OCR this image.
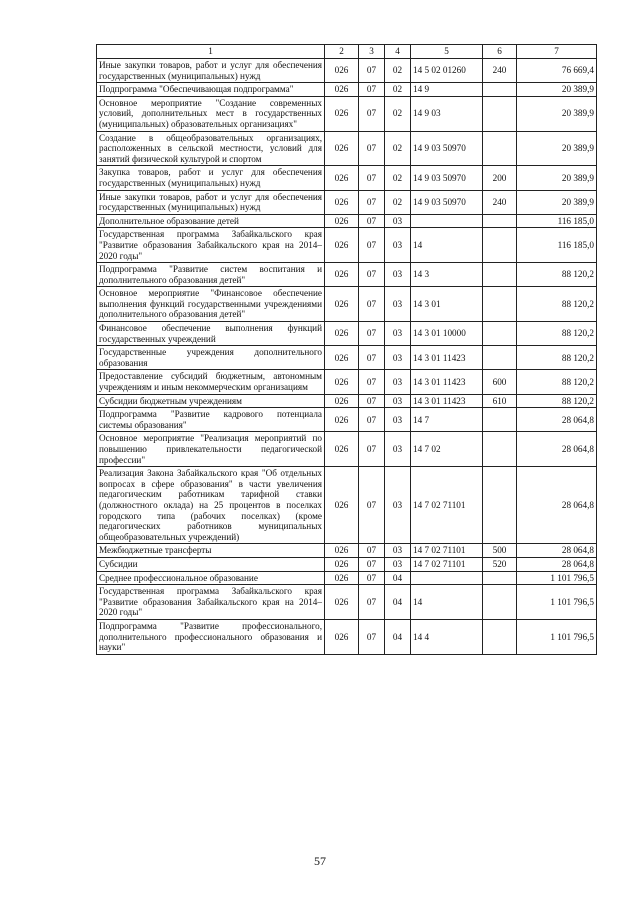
1	2	3	4	5	6	7
Иные закупки товаров, работ и услуг для обеспечения государственных (муниципальных) нужд	026	07	02	14 5 02 01260	240	76 669,4
Подпрограмма "Обеспечивающая подпрограмма"	026	07	02	14 9		20 389,9
Основное мероприятие "Создание современных условий, дополнительных мест в государственных (муниципальных) образовательных организациях"	026	07	02	14 9 03		20 389,9
Создание в общеобразовательных организациях, расположенных в сельской местности, условий для занятий физической культурой и спортом	026	07	02	14 9 03 50970		20 389,9
Закупка товаров, работ и услуг для обеспечения государственных (муниципальных) нужд	026	07	02	14 9 03 50970	200	20 389,9
Иные закупки товаров, работ и услуг для обеспечения государственных (муниципальных) нужд	026	07	02	14 9 03 50970	240	20 389,9
Дополнительное образование детей	026	07	03			116 185,0
Государственная программа Забайкальского края "Развитие образования Забайкальского края на 2014–2020 годы"	026	07	03	14		116 185,0
Подпрограмма "Развитие систем воспитания и дополнительного образования детей"	026	07	03	14 3		88 120,2
Основное мероприятие "Финансовое обеспечение выполнения функций государственными учреждениями дополнительного образования детей"	026	07	03	14 3 01		88 120,2
Финансовое обеспечение выполнения функций государственных учреждений	026	07	03	14 3 01 10000		88 120,2
Государственные учреждения дополнительного образования	026	07	03	14 3 01 11423		88 120,2
Предоставление субсидий бюджетным, автономным учреждениям и иным некоммерческим организациям	026	07	03	14 3 01 11423	600	88 120,2
Субсидии бюджетным учреждениям	026	07	03	14 3 01 11423	610	88 120,2
Подпрограмма "Развитие кадрового потенциала системы образования"	026	07	03	14 7		28 064,8
Основное мероприятие "Реализация мероприятий по повышению привлекательности педагогической профессии"	026	07	03	14 7 02		28 064,8
Реализация Закона Забайкальского края "Об отдельных вопросах в сфере образования" в части увеличения педагогическим работникам тарифной ставки (должностного оклада) на 25 процентов в поселках городского типа (рабочих поселках) (кроме педагогических работников муниципальных общеобразовательных учреждений)	026	07	03	14 7 02 71101		28 064,8
Межбюджетные трансферты	026	07	03	14 7 02 71101	500	28 064,8
Субсидии	026	07	03	14 7 02 71101	520	28 064,8
Среднее профессиональное образование	026	07	04			1 101 796,5
Государственная программа Забайкальского края "Развитие образования Забайкальского края на 2014–2020 годы"	026	07	04	14		1 101 796,5
Подпрограмма "Развитие профессионального, дополнительного профессионального образования и науки"	026	07	04	14 4		1 101 796,5
57
